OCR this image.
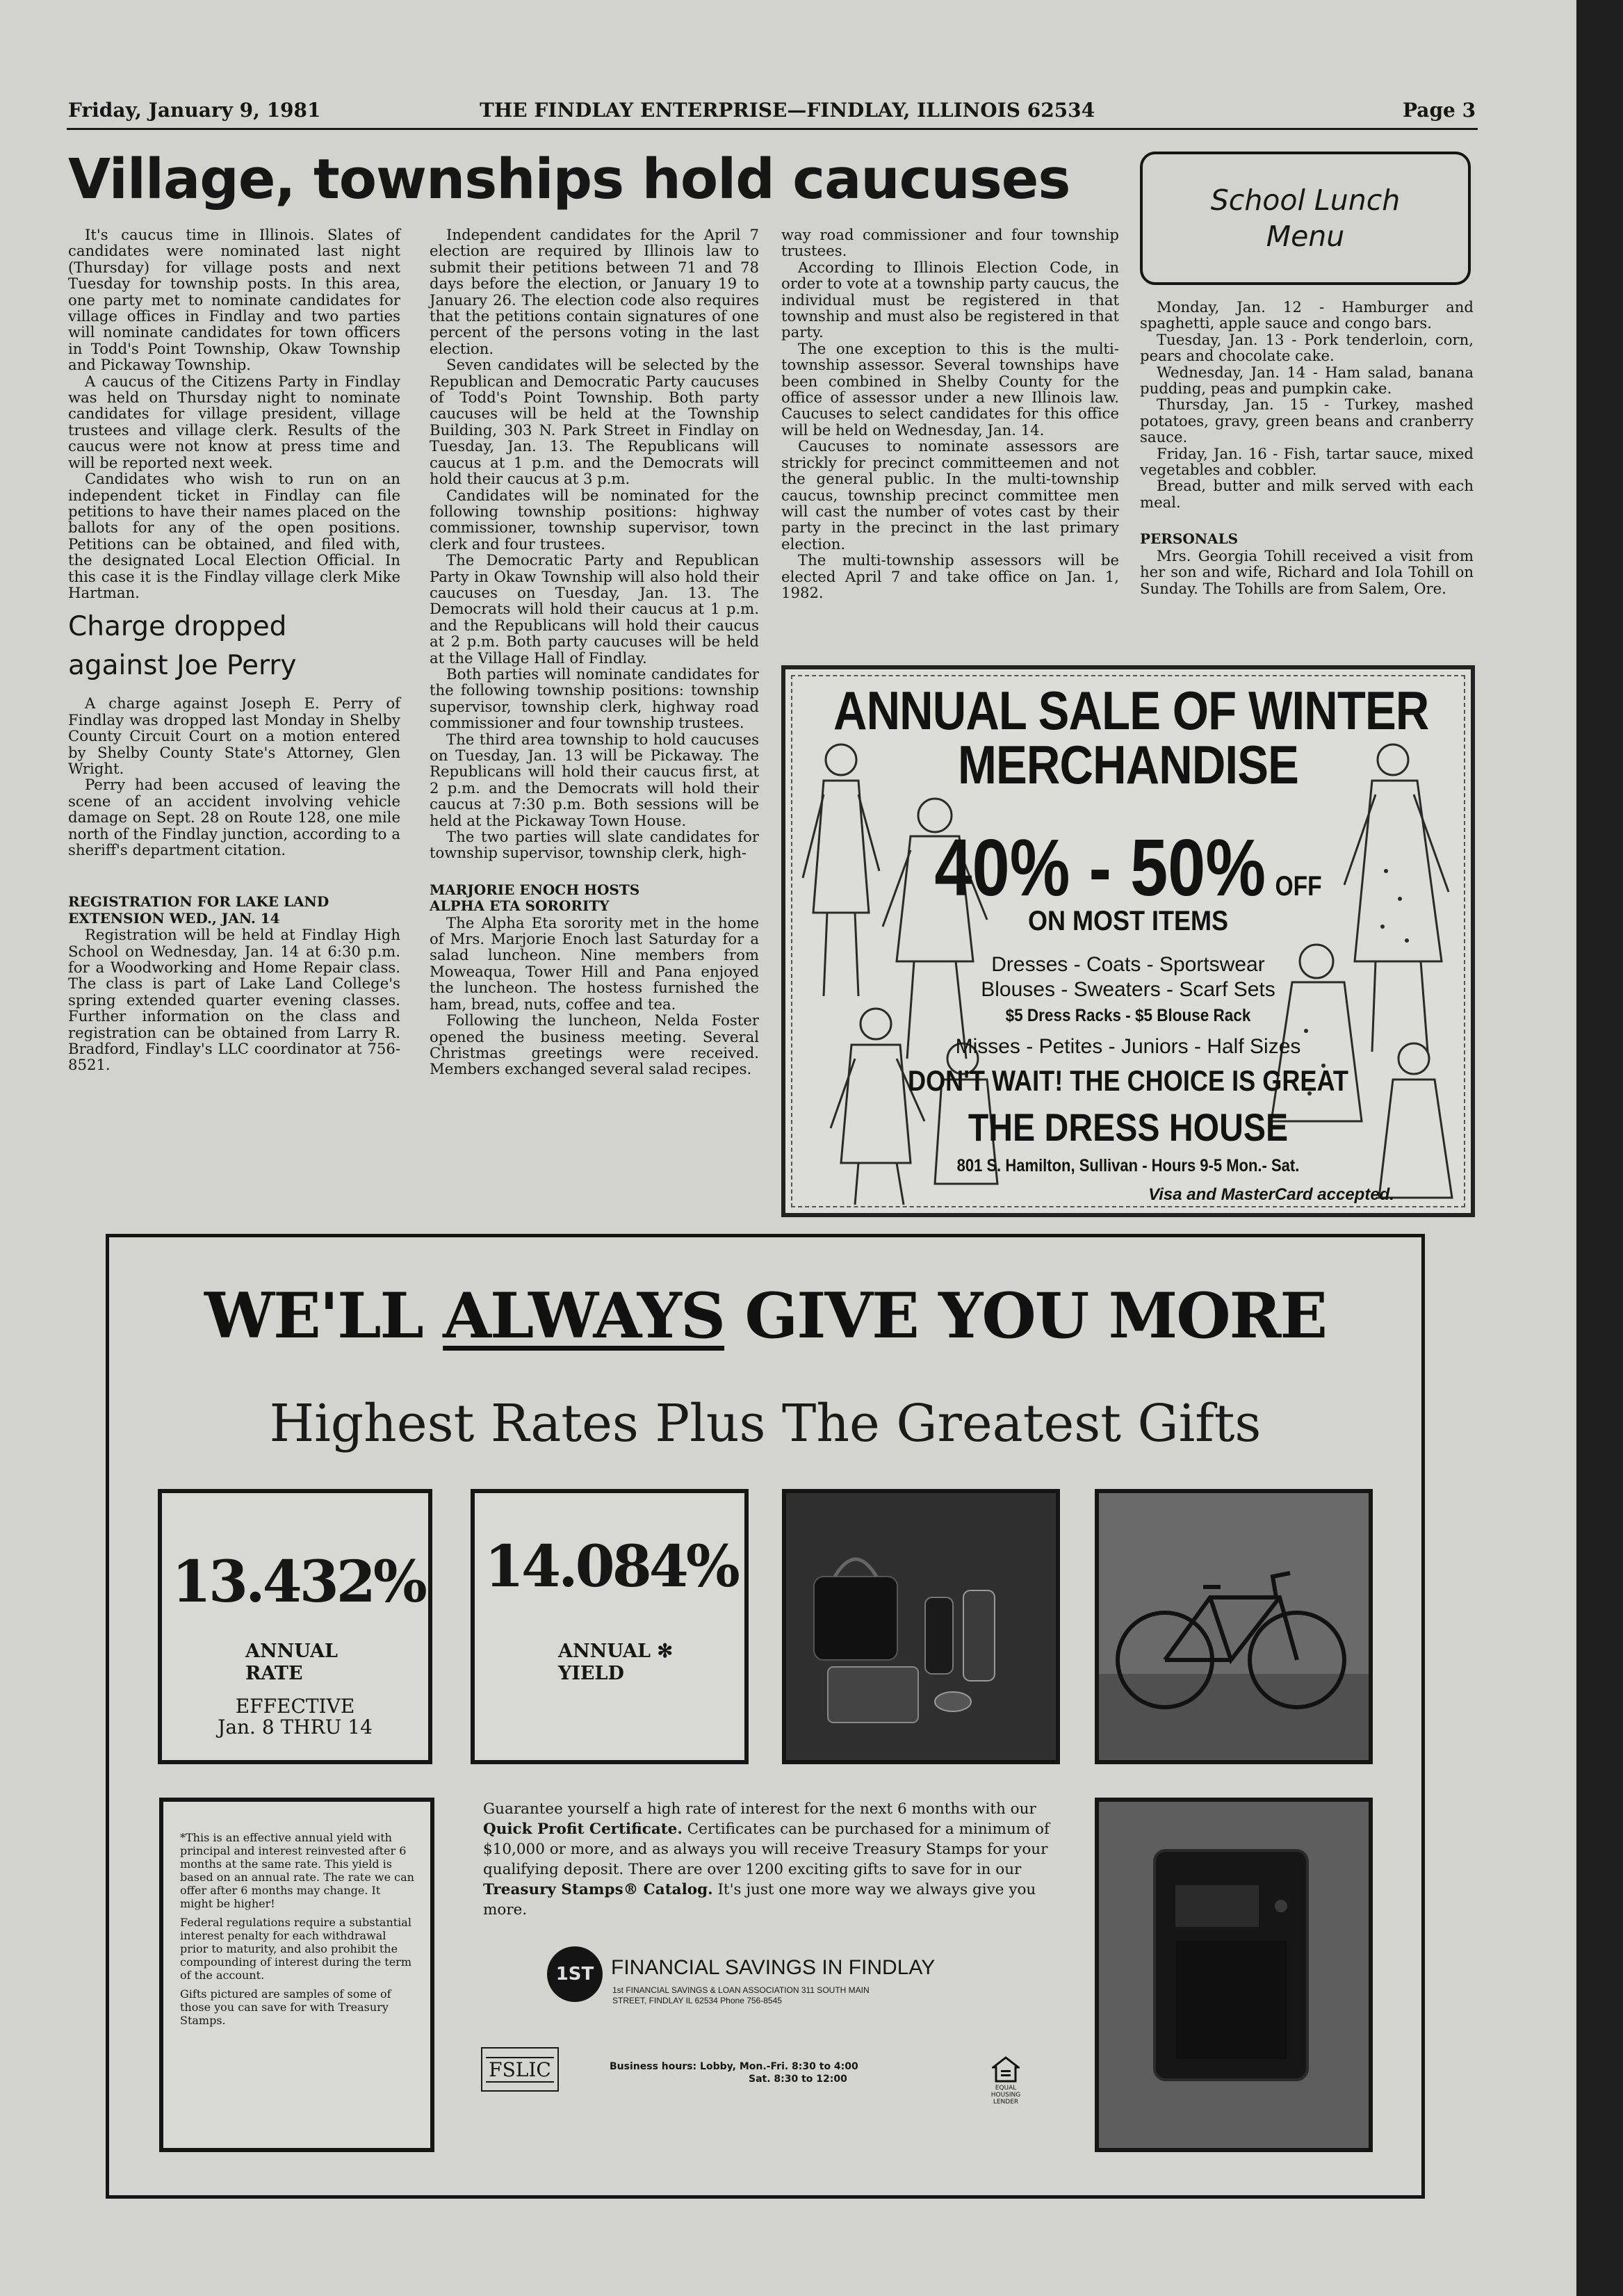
Friday, January 9, 1981	THE FINDLAY ENTERPRISE—FINDLAY, ILLINOIS 62534	Page 3
Village, townships hold caucuses

It's caucus time in Illinois. Slates of candidates were nominated last night (Thursday) for village posts and next Tuesday for township posts. In this area, one party met to nominate candidates for village offices in Findlay and two parties will nominate candidates for town officers in Todd's Point Township, Okaw Township and Pickaway Township.

A caucus of the Citizens Party in Findlay was held on Thursday night to nominate candidates for village president, village trustees and village clerk. Results of the caucus were not know at press time and will be reported next week.

Candidates who wish to run on an independent ticket in Findlay can file petitions to have their names placed on the ballots for any of the open positions. Petitions can be obtained, and filed with, the designated Local Election Official. In this case it is the Findlay village clerk Mike Hartman.

Charge dropped
against Joe Perry

A charge against Joseph E. Perry of Findlay was dropped last Monday in Shelby County Circuit Court on a motion entered by Shelby County State's Attorney, Glen Wright.

Perry had been accused of leaving the scene of an accident involving vehicle damage on Sept. 28 on Route 128, one mile north of the Findlay junction, according to a sheriff's department citation.

REGISTRATION FOR LAKE LAND
EXTENSION WED., JAN. 14

Registration will be held at Findlay High School on Wednesday, Jan. 14 at 6:30 p.m. for a Woodworking and Home Repair class. The class is part of Lake Land College's spring extended quarter evening classes. Further information on the class and registration can be obtained from Larry R. Bradford, Findlay's LLC coordinator at 756-8521.

Independent candidates for the April 7 election are required by Illinois law to submit their petitions between 71 and 78 days before the election, or January 19 to January 26. The election code also requires that the petitions contain signatures of one percent of the persons voting in the last election.

Seven candidates will be selected by the Republican and Democratic Party caucuses of Todd's Point Township. Both party caucuses will be held at the Township Building, 303 N. Park Street in Findlay on Tuesday, Jan. 13. The Republicans will caucus at 1 p.m. and the Democrats will hold their caucus at 3 p.m.

Candidates will be nominated for the following township positions: highway commissioner, township supervisor, town clerk and four trustees.

The Democratic Party and Republican Party in Okaw Township will also hold their caucuses on Tuesday, Jan. 13. The Democrats will hold their caucus at 1 p.m. and the Republicans will hold their caucus at 2 p.m. Both party caucuses will be held at the Village Hall of Findlay.

Both parties will nominate candidates for the following township positions: township supervisor, township clerk, highway road commissioner and four township trustees.

The third area township to hold caucuses on Tuesday, Jan. 13 will be Pickaway. The Republicans will hold their caucus first, at 2 p.m. and the Democrats will hold their caucus at 7:30 p.m. Both sessions will be held at the Pickaway Town House.

The two parties will slate candidates for township supervisor, township clerk, high-

MARJORIE ENOCH HOSTS
ALPHA ETA SORORITY

The Alpha Eta sorority met in the home of Mrs. Marjorie Enoch last Saturday for a salad luncheon. Nine members from Moweaqua, Tower Hill and Pana enjoyed the luncheon. The hostess furnished the ham, bread, nuts, coffee and tea.

Following the luncheon, Nelda Foster opened the business meeting. Several Christmas greetings were received. Members exchanged several salad recipes.

way road commissioner and four township trustees.

According to Illinois Election Code, in order to vote at a township party caucus, the individual must be registered in that township and must also be registered in that party.

The one exception to this is the multi-township assessor. Several townships have been combined in Shelby County for the office of assessor under a new Illinois law. Caucuses to select candidates for this office will be held on Wednesday, Jan. 14.

Caucuses to nominate assessors are strickly for precinct committeemen and not the general public. In the multi-township caucus, township precinct committee men will cast the number of votes cast by their party in the precinct in the last primary election.

The multi-township assessors will be elected April 7 and take office on Jan. 1, 1982.

School Lunch
Menu

Monday, Jan. 12 - Hamburger and spaghetti, apple sauce and congo bars.

Tuesday, Jan. 13 - Pork tenderloin, corn, pears and chocolate cake.

Wednesday, Jan. 14 - Ham salad, banana pudding, peas and pumpkin cake.

Thursday, Jan. 15 - Turkey, mashed potatoes, gravy, green beans and cranberry sauce.

Friday, Jan. 16 - Fish, tartar sauce, mixed vegetables and cobbler.

Bread, butter and milk served with each meal.

PERSONALS

Mrs. Georgia Tohill received a visit from her son and wife, Richard and Iola Tohill on Sunday. The Tohills are from Salem, Ore.

ANNUAL SALE OF WINTER
MERCHANDISE
40% - 50% OFF
ON MOST ITEMS
Dresses - Coats - Sportswear
Blouses - Sweaters - Scarf Sets
$5 Dress Racks - $5 Blouse Rack
Misses - Petites - Juniors - Half Sizes
DON'T WAIT! THE CHOICE IS GREAT
THE DRESS HOUSE
801 S. Hamilton, Sullivan - Hours 9-5 Mon.- Sat.
Visa and MasterCard accepted.
WE'LL ALWAYS GIVE YOU MORE
Highest Rates Plus The Greatest Gifts
13.432%
ANNUAL
RATE
EFFECTIVE
Jan. 8 THRU 14
14.084%
ANNUAL ✻
YIELD

*This is an effective annual yield with principal and interest reinvested after 6 months at the same rate. This yield is based on an annual rate. The rate we can offer after 6 months may change. It might be higher!

Federal regulations require a substantial interest penalty for each withdrawal prior to maturity, and also prohibit the compounding of interest during the term of the account.

Gifts pictured are samples of some of those you can save for with Treasury Stamps.

Guarantee yourself a high rate of interest for the next 6 months with our Quick Profit Certificate. Certificates can be purchased for a minimum of $10,000 or more, and as always you will receive Treasury Stamps for your qualifying deposit. There are over 1200 exciting gifts to save for in our Treasury Stamps® Catalog. It's just one more way we always give you more.
1ST FINANCIAL SAVINGS IN FINDLAY
1st FINANCIAL SAVINGS & LOAN ASSOCIATION 311 SOUTH MAIN
STREET, FINDLAY IL 62534 Phone 756-8545
FSLIC	Business hours: Lobby, Mon.-Fri. 8:30 to 4:00
Sat. 8:30 to 12:00

EQUAL
HOUSING
LENDER
